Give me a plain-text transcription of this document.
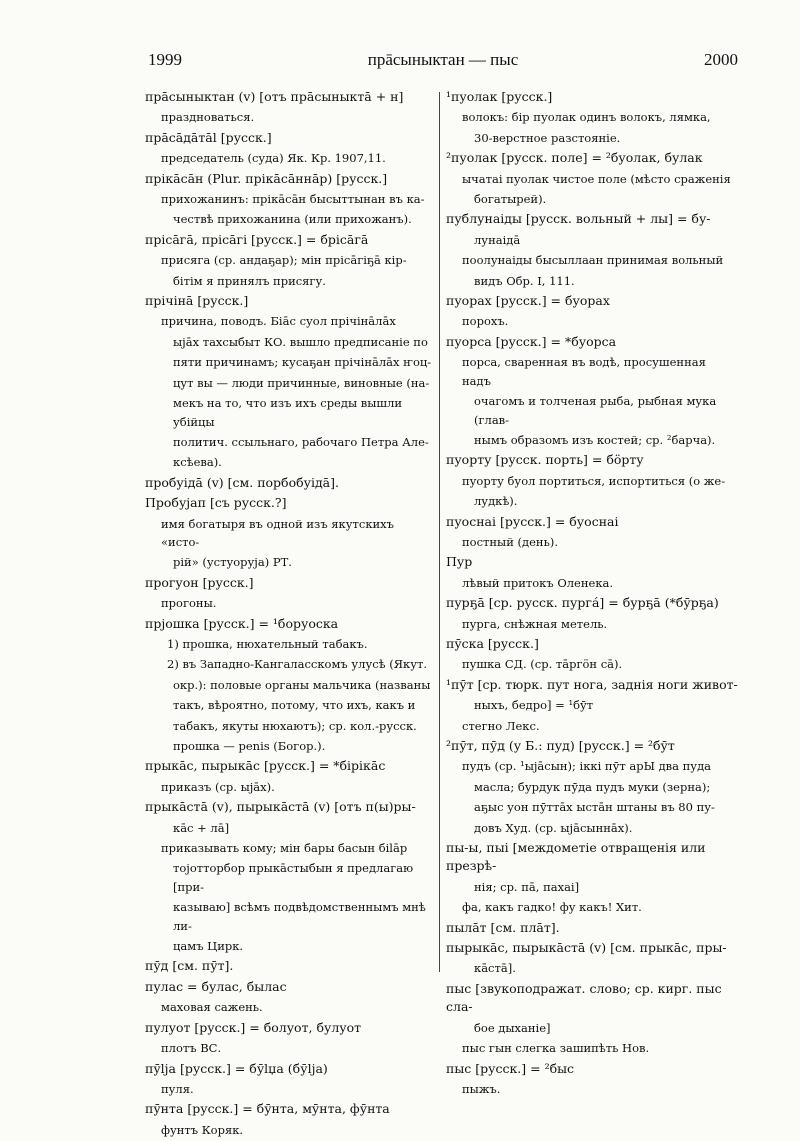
1999	прāсыныктан — пыс	2000
прāсыныктан (v) [отъ прāсыныктā + н]
праздноваться.
прāсāдāтāl [русск.]
председатель (суда) Як. Кр. 1907,11.
прікāсāн (Plur. прікāсāннāр) [русск.]
прихожанинъ: прікāсāн бысыттынан въ ка-
чествѣ прихожанина (или прихожанъ).
прісāгā, прісāгі [русск.] = брісāгā
присяга (ср. андаҕар); мін прісāгіҕā кір-
бітім я принялъ присягу.
прічінā [русск.]
причина, поводъ. Біāс суол прічінāлāх
ыjāх тахсыбыт КО. вышло предписаніе по
пяти причинамъ; кусаҕан прічінāлāх ҥоц-
цут вы — люди причинные, виновные (на-
мекъ на то, что изъ ихъ среды вышли убійцы
политич. ссыльнаго, рабочаго Петра Але-
ксѣева).
пробуідā (v) [см. порбобуідā].
Пробуjап [съ русск.?]
имя богатыря въ одной изъ якутскихъ «исто-
рій» (устуоруjа) РТ.
прогуон [русск.]
прогоны.
прјошка [русск.] = ¹боруоска
1) прошка, нюхательный табакъ.
2) въ Западно-Кангаласскомъ улусѣ (Якут.
окр.): половые органы мальчика (названы
такъ, вѣроятно, потому, что ихъ, какъ и
табакъ, якуты нюхаютъ); ср. кол.-русск.
прошка — penis (Богор.).
прыкāс, пырыкāс [русск.] = *бірікāс
приказъ (ср. ыjāх).
прыкāстā (v), пырыкāстā (v) [отъ п(ы)ры-
кāс + лā]
приказывать кому; мін бары басын біlāр
тоjотторбор прыкāстыбын я предлагаю [при-
казываю] всѣмъ подвѣдомственнымъ мнѣ ли-
цамъ Цирк.
пӯд [см. пӯт].
пулас = булас, былас
маховая сажень.
пулуот [русск.] = болуот, булуот
плотъ ВС.
пӯlја [русск.] = бӯlџа (бӯlја)
пуля.
пӯнта [русск.] = бӯнта, мӯнта, фӯнта
фунтъ Коряк.
¹пуолак [русск.]
волокъ: бір пуолак одинъ волокъ, лямка,
30-верстное разстояніе.
²пуолак [русск. поле] = ²буолак, булак
ычатаі пуолак чистое поле (мѣсто сраженія
богатырей).
публунаіды [русск. вольный + лы] = бу-
лунаідā
поолунаіды бысыллаан принимая вольный
видъ Обр. I, 111.
пуорах [русск.] = буорах
порохъ.
пуорса [русск.] = *буорса
порса, сваренная въ водѣ, просушенная надъ
очагомъ и толченая рыба, рыбная мука (глав-
нымъ образомъ изъ костей; ср. ²барча).
пуорту [русск. порть] = бӧрту
пуорту буол портиться, испортиться (о же-
лудкѣ).
пуоснаі [русск.] = буоснаі
постный (день).
Пур
лѣвый притокъ Оленека.
пурҕā [ср. русск. пургá] = бурҕā (*бӯрҕа)
пурга, снѣжная метель.
пӯска [русск.]
пушка СД. (ср. тāргӧн сā).
¹пӯт [ср. тюрк. пут нога, заднія ноги живот-
ныхъ, бедро] = ¹бӯт
стегно Лекс.
²пӯт, пӯд (у Б.: пуд) [русск.] = ²бӯт
пудъ (ср. ¹ыjāсын); іккі пӯт арЫ два пуда
масла; бурдук пӯда пудъ муки (зерна);
аҕыс уон пӯттāх ыстāн штаны въ 80 пу-
довъ Худ. (ср. ыjāсыннāх).
пы-ы, пыі [междометіе отвращенія или презрѣ-
нія; ср. пā, пахаі]
фа, какъ гадко! фу какъ! Хит.
пылāт [см. плāт].
пырыкāс, пырыкāстā (v) [см. прыкāс, пры-
кāстā].
пыс [звукоподражат. слово; ср. кирг. пыс сла-
бое дыханіе]
пыс гын слегка зашипѣть Нов.
пыс [русск.] = ²быс
пыжъ.
